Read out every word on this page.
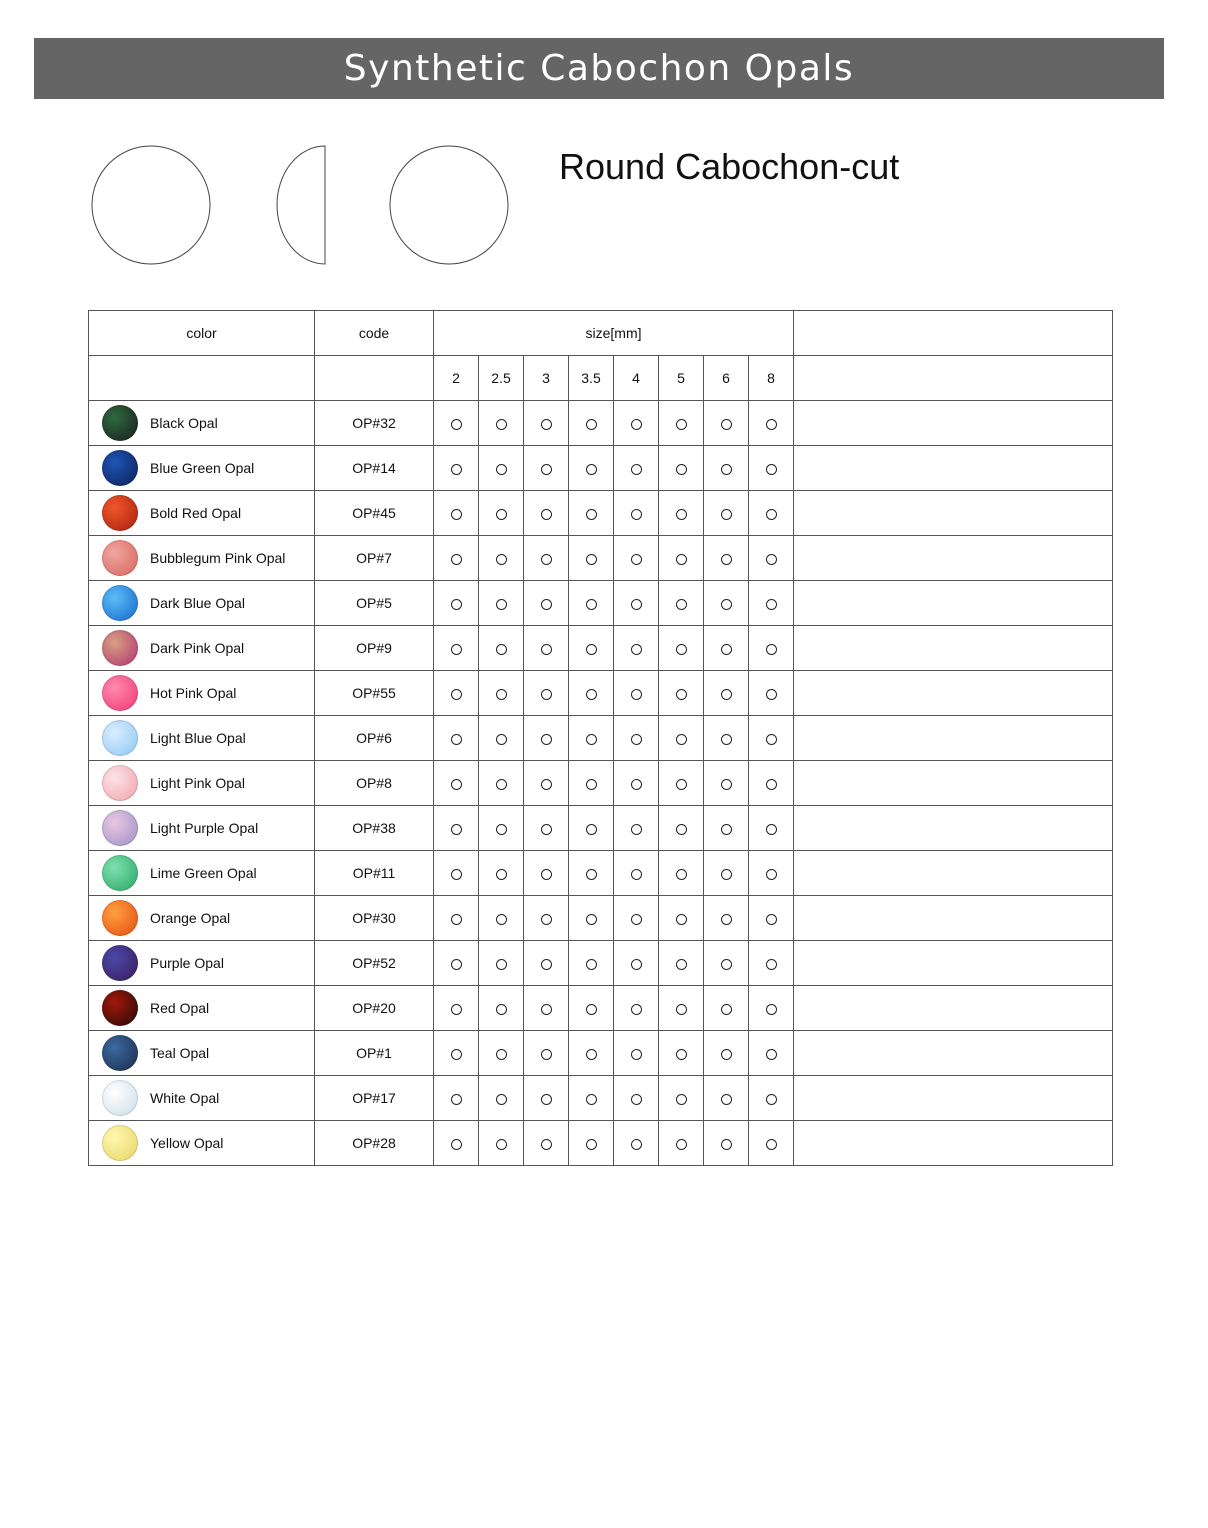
Synthetic Cabochon Opals
Round Cabochon-cut
color	code	size[mm]								
		2	2.5	3	3.5	4	5	6	8	

Black Opal	OP#32									

Blue Green Opal	OP#14									

Bold Red Opal	OP#45									

Bubblegum Pink Opal	OP#7									

Dark Blue Opal	OP#5									

Dark Pink Opal	OP#9									

Hot Pink Opal	OP#55									

Light Blue Opal	OP#6									

Light Pink Opal	OP#8									

Light Purple Opal	OP#38									

Lime Green Opal	OP#11									

Orange Opal	OP#30									

Purple Opal	OP#52									

Red Opal	OP#20									

Teal Opal	OP#1									

White Opal	OP#17									

Yellow Opal	OP#28									
